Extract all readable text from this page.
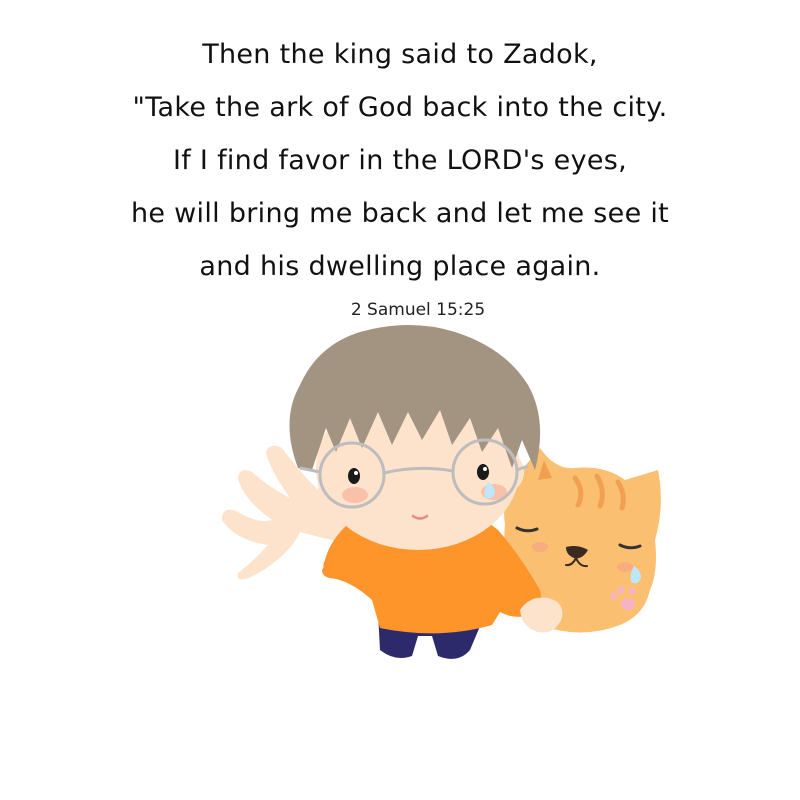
Then the king said to Zadok,
"Take the ark of God back into the city.
If I find favor in the LORD's eyes,
he will bring me back and let me see it
and his dwelling place again.
2 Samuel 15:25
